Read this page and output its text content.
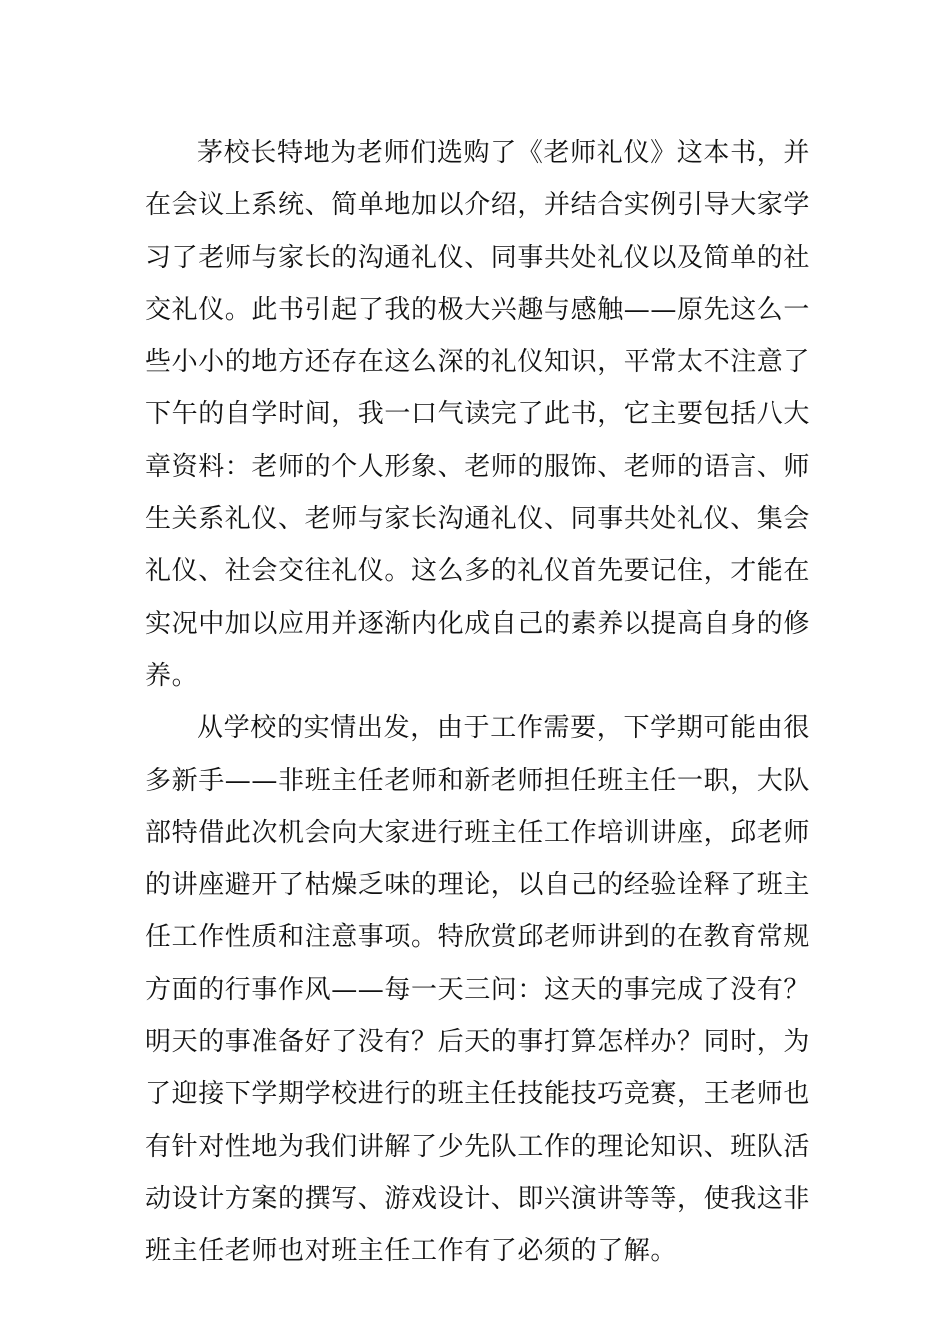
茅校长特地为老师们选购了《老师礼仪》这本书，并在会议上系统、简单地加以介绍，并结合实例引导大家学习了老师与家长的沟通礼仪、同事共处礼仪以及简单的社交礼仪。此书引起了我的极大兴趣与感触——原先这么一些小小的地方还存在这么深的礼仪知识，平常太不注意了下午的自学时间，我一口气读完了此书，它主要包括八大章资料：老师的个人形象、老师的服饰、老师的语言、师生关系礼仪、老师与家长沟通礼仪、同事共处礼仪、集会礼仪、社会交往礼仪。这么多的礼仪首先要记住，才能在实况中加以应用并逐渐内化成自己的素养以提高自身的修养。

从学校的实情出发，由于工作需要，下学期可能由很多新手——非班主任老师和新老师担任班主任一职，大队部特借此次机会向大家进行班主任工作培训讲座，邱老师的讲座避开了枯燥乏味的理论，以自己的经验诠释了班主任工作性质和注意事项。特欣赏邱老师讲到的在教育常规方面的行事作风——每一天三问：这天的事完成了没有？明天的事准备好了没有？后天的事打算怎样办？同时，为了迎接下学期学校进行的班主任技能技巧竞赛，王老师也有针对性地为我们讲解了少先队工作的理论知识、班队活动设计方案的撰写、游戏设计、即兴演讲等等，使我这非班主任老师也对班主任工作有了必须的了解。
